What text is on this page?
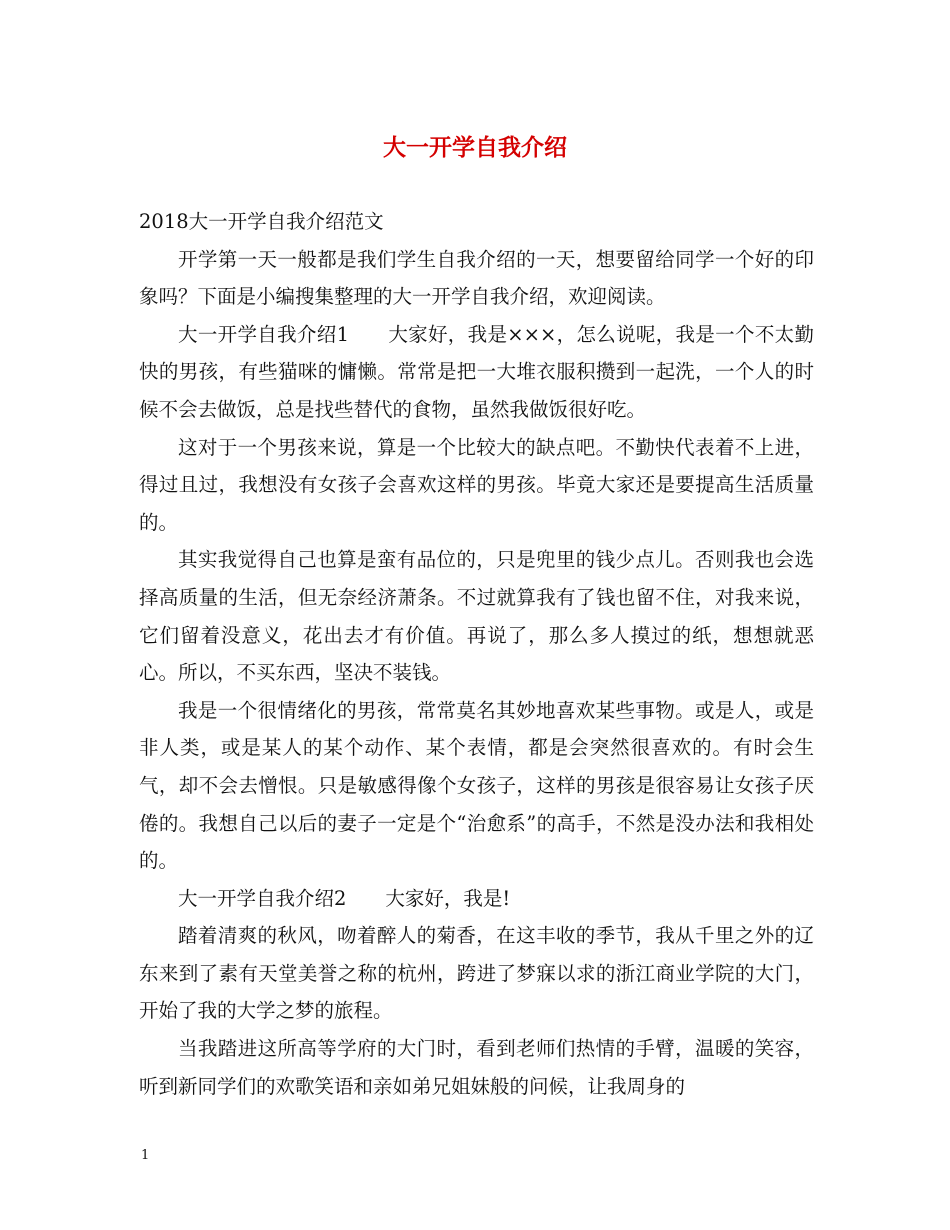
大一开学自我介绍

2018大一开学自我介绍范文

开学第一天一般都是我们学生自我介绍的一天，想要留给同学一个好的印象吗？下面是小编搜集整理的大一开学自我介绍，欢迎阅读。

大一开学自我介绍1 大家好，我是×××，怎么说呢，我是一个不太勤快的男孩，有些猫咪的慵懒。常常是把一大堆衣服积攒到一起洗，一个人的时候不会去做饭，总是找些替代的食物，虽然我做饭很好吃。

这对于一个男孩来说，算是一个比较大的缺点吧。不勤快代表着不上进，得过且过，我想没有女孩子会喜欢这样的男孩。毕竟大家还是要提高生活质量的。

其实我觉得自己也算是蛮有品位的，只是兜里的钱少点儿。否则我也会选择高质量的生活，但无奈经济萧条。不过就算我有了钱也留不住，对我来说，它们留着没意义，花出去才有价值。再说了，那么多人摸过的纸，想想就恶心。所以，不买东西，坚决不装钱。

我是一个很情绪化的男孩，常常莫名其妙地喜欢某些事物。或是人，或是非人类，或是某人的某个动作、某个表情，都是会突然很喜欢的。有时会生气，却不会去憎恨。只是敏感得像个女孩子，这样的男孩是很容易让女孩子厌倦的。我想自己以后的妻子一定是个“治愈系”的高手，不然是没办法和我相处的。

大一开学自我介绍2 大家好，我是!

踏着清爽的秋风，吻着醉人的菊香，在这丰收的季节，我从千里之外的辽东来到了素有天堂美誉之称的杭州，跨进了梦寐以求的浙江商业学院的大门，开始了我的大学之梦的旅程。

当我踏进这所高等学府的大门时，看到老师们热情的手臂，温暖的笑容，听到新同学们的欢歌笑语和亲如弟兄姐妹般的问候，让我周身的

1
